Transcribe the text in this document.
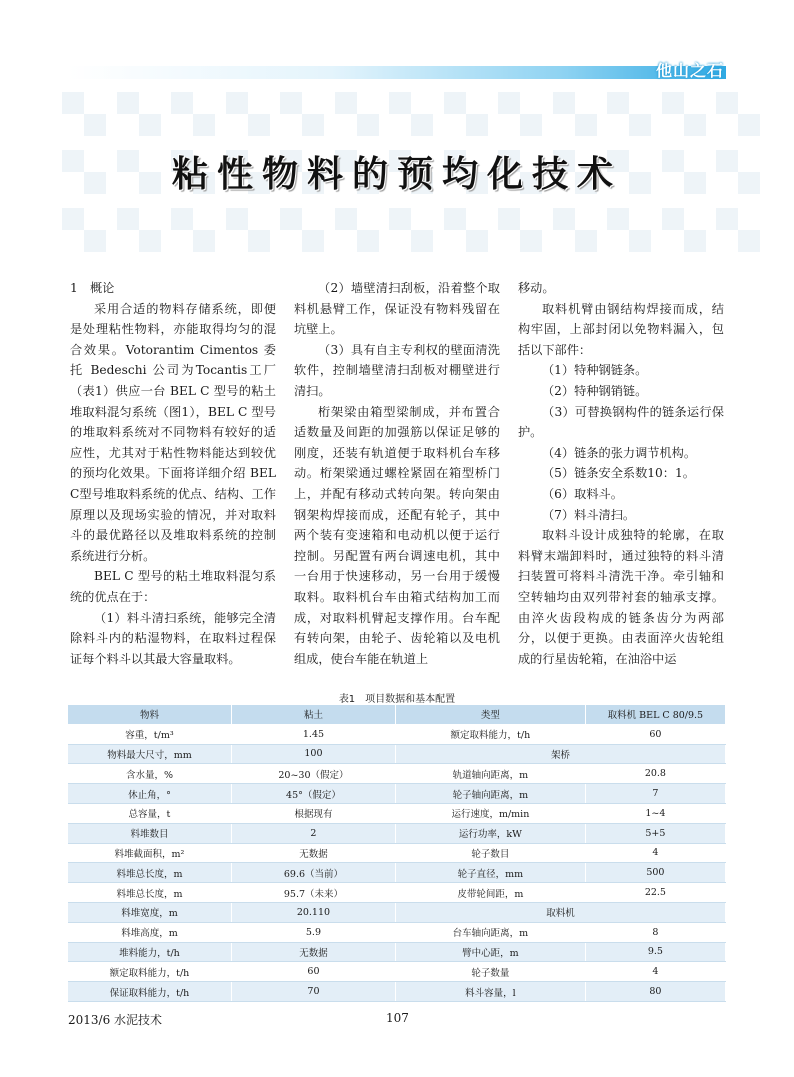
他山之石
粘性物料的预均化技术

1　概论

采用合适的物料存储系统，即便是处理粘性物料，亦能取得均匀的混合效果。Votorantim Cimentos 委托 Bedeschi 公司为Tocantis工厂（表1）供应一台 BEL C 型号的粘土堆取料混匀系统（图1），BEL C 型号的堆取料系统对不同物料有较好的适应性，尤其对于粘性物料能达到较优的预均化效果。下面将详细介绍 BEL C型号堆取料系统的优点、结构、工作原理以及现场实验的情况，并对取料斗的最优路径以及堆取料系统的控制系统进行分析。

BEL C 型号的粘土堆取料混匀系统的优点在于：

（1）料斗清扫系统，能够完全清除料斗内的粘湿物料，在取料过程保证每个料斗以其最大容量取料。

（2）墙壁清扫刮板，沿着整个取料机悬臂工作，保证没有物料残留在坑壁上。

（3）具有自主专利权的壁面清洗软件，控制墙壁清扫刮板对棚壁进行清扫。

桁架梁由箱型梁制成，并布置合适数量及间距的加强筋以保证足够的刚度，还装有轨道便于取料机台车移动。桁架梁通过螺栓紧固在箱型桥门上，并配有移动式转向架。转向架由钢架构焊接而成，还配有轮子，其中两个装有变速箱和电动机以便于运行控制。另配置有两台调速电机，其中一台用于快速移动，另一台用于缓慢取料。取料机台车由箱式结构加工而成，对取料机臂起支撑作用。台车配有转向架，由轮子、齿轮箱以及电机组成，使台车能在轨道上

移动。

取料机臂由钢结构焊接而成，结构牢固，上部封闭以免物料漏入，包括以下部件：

（1）特种钢链条。

（2）特种钢销链。

（3）可替换钢构件的链条运行保护。

（4）链条的张力调节机构。

（5）链条安全系数10：1。

（6）取料斗。

（7）料斗清扫。

取料斗设计成独特的轮廓，在取料臂末端卸料时，通过独特的料斗清扫装置可将料斗清洗干净。牵引轴和空转轴均由双列带衬套的轴承支撑。由淬火齿段构成的链条齿分为两部分，以便于更换。由表面淬火齿轮组成的行星齿轮箱，在油浴中运

表1　项目数据和基本配置
物料	粘土	类型	取料机 BEL C 80/9.5
容重，t/m³	1.45	额定取料能力，t/h	60
物料最大尺寸，mm	100	架桥	
含水量，%	20~30（假定）	轨道轴向距离，m	20.8
休止角，°	45°（假定）	轮子轴向距离，m	7
总容量，t	根据现有	运行速度，m/min	1~4
料堆数目	2	运行功率，kW	5+5
料堆截面积，m²	无数据	轮子数目	4
料堆总长度，m	69.6（当前）	轮子直径，mm	500
料堆总长度，m	95.7（未来）	皮带轮间距，m	22.5
料堆宽度，m	20.110	取料机	
料堆高度，m	5.9	台车轴向距离，m	8
堆料能力，t/h	无数据	臂中心距，m	9.5
额定取料能力，t/h	60	轮子数量	4
保证取料能力，t/h	70	料斗容量，l	80
2013/6 水泥技术	107
